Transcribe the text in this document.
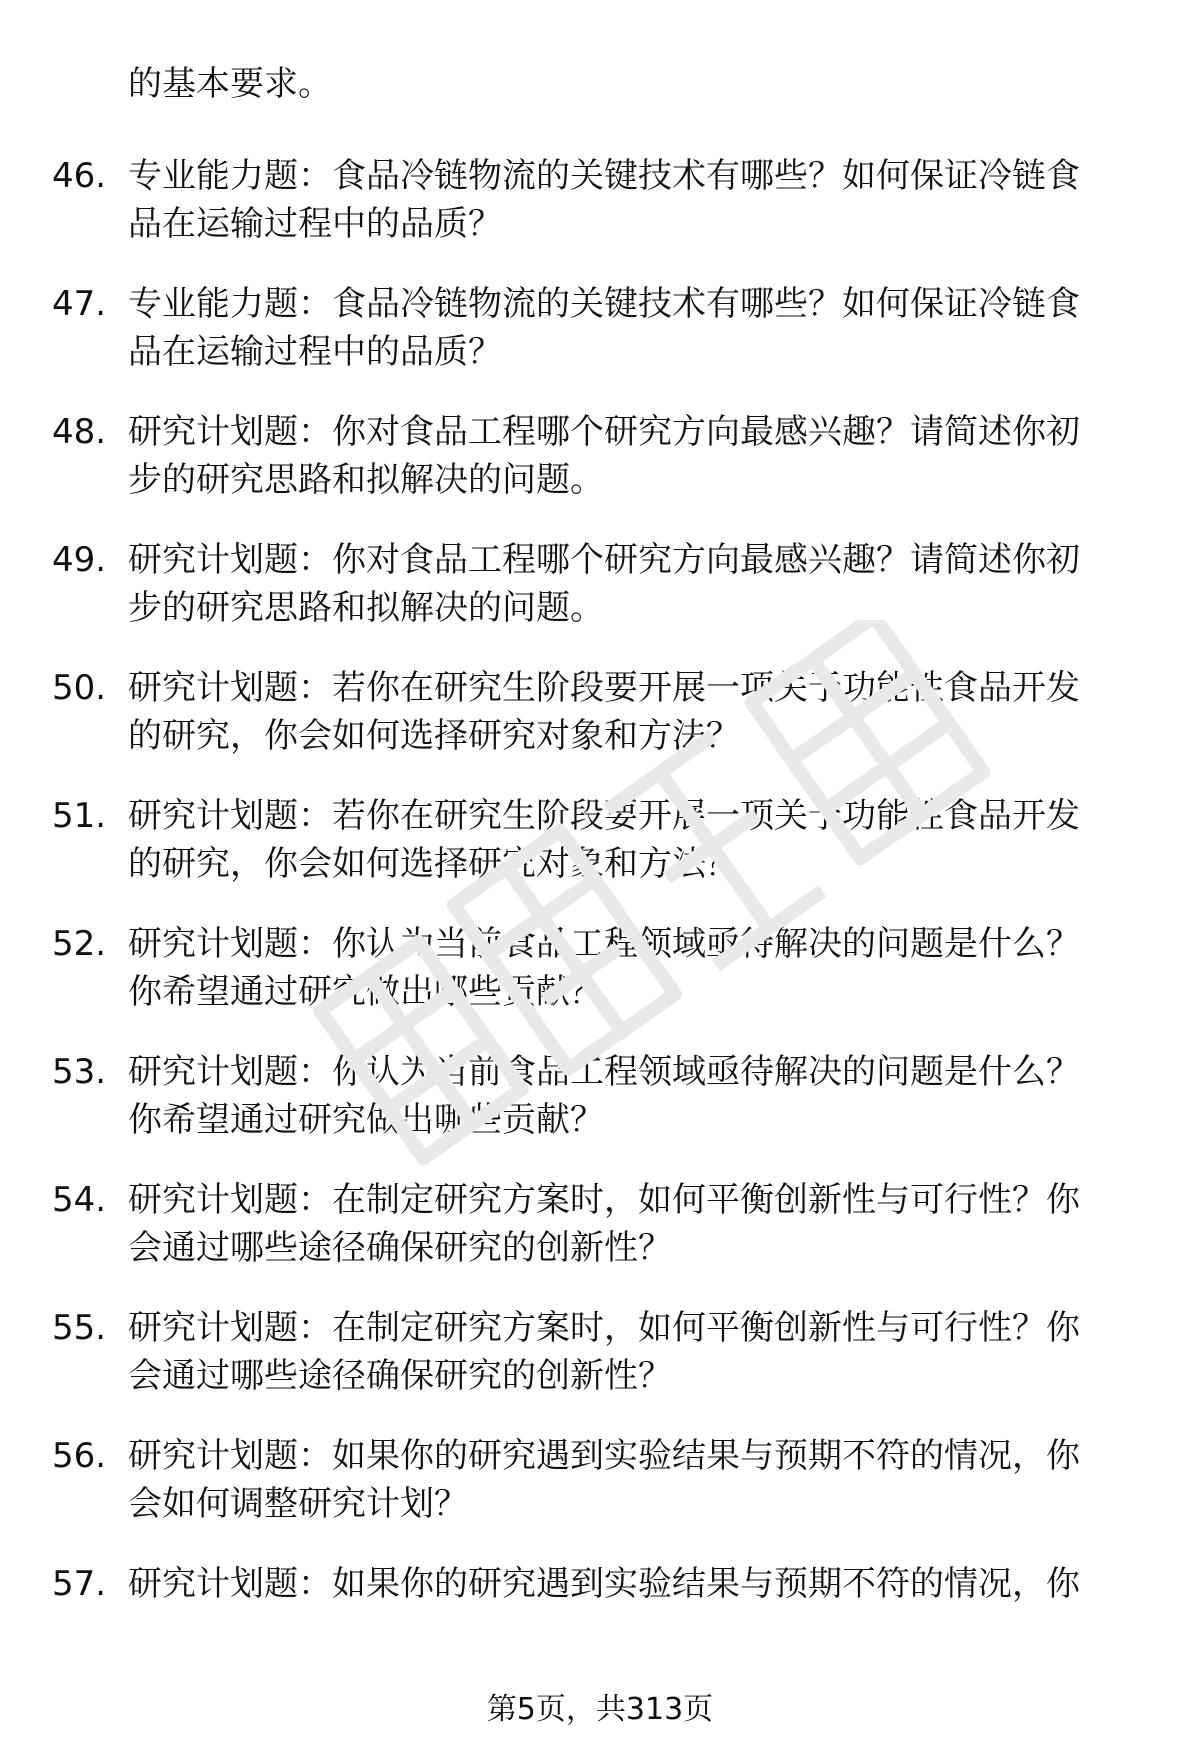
的基本要求。
46. 专业能力题：食品冷链物流的关键技术有哪些？如何保证冷链食
品在运输过程中的品质？
47. 专业能力题：食品冷链物流的关键技术有哪些？如何保证冷链食
品在运输过程中的品质？
48. 研究计划题：你对食品工程哪个研究方向最感兴趣？请简述你初
步的研究思路和拟解决的问题。
49. 研究计划题：你对食品工程哪个研究方向最感兴趣？请简述你初
步的研究思路和拟解决的问题。
50. 研究计划题：若你在研究生阶段要开展一项关于功能性食品开发
的研究，你会如何选择研究对象和方法？
51. 研究计划题：若你在研究生阶段要开展一项关于功能性食品开发
的研究，你会如何选择研究对象和方法？
52. 研究计划题：你认为当前食品工程领域亟待解决的问题是什么？
你希望通过研究做出哪些贡献？
53. 研究计划题：你认为当前食品工程领域亟待解决的问题是什么？
你希望通过研究做出哪些贡献？
54. 研究计划题：在制定研究方案时，如何平衡创新性与可行性？你
会通过哪些途径确保研究的创新性？
55. 研究计划题：在制定研究方案时，如何平衡创新性与可行性？你
会通过哪些途径确保研究的创新性？
56. 研究计划题：如果你的研究遇到实验结果与预期不符的情况，你
会如何调整研究计划？
57. 研究计划题：如果你的研究遇到实验结果与预期不符的情况，你
第5页，共313页
